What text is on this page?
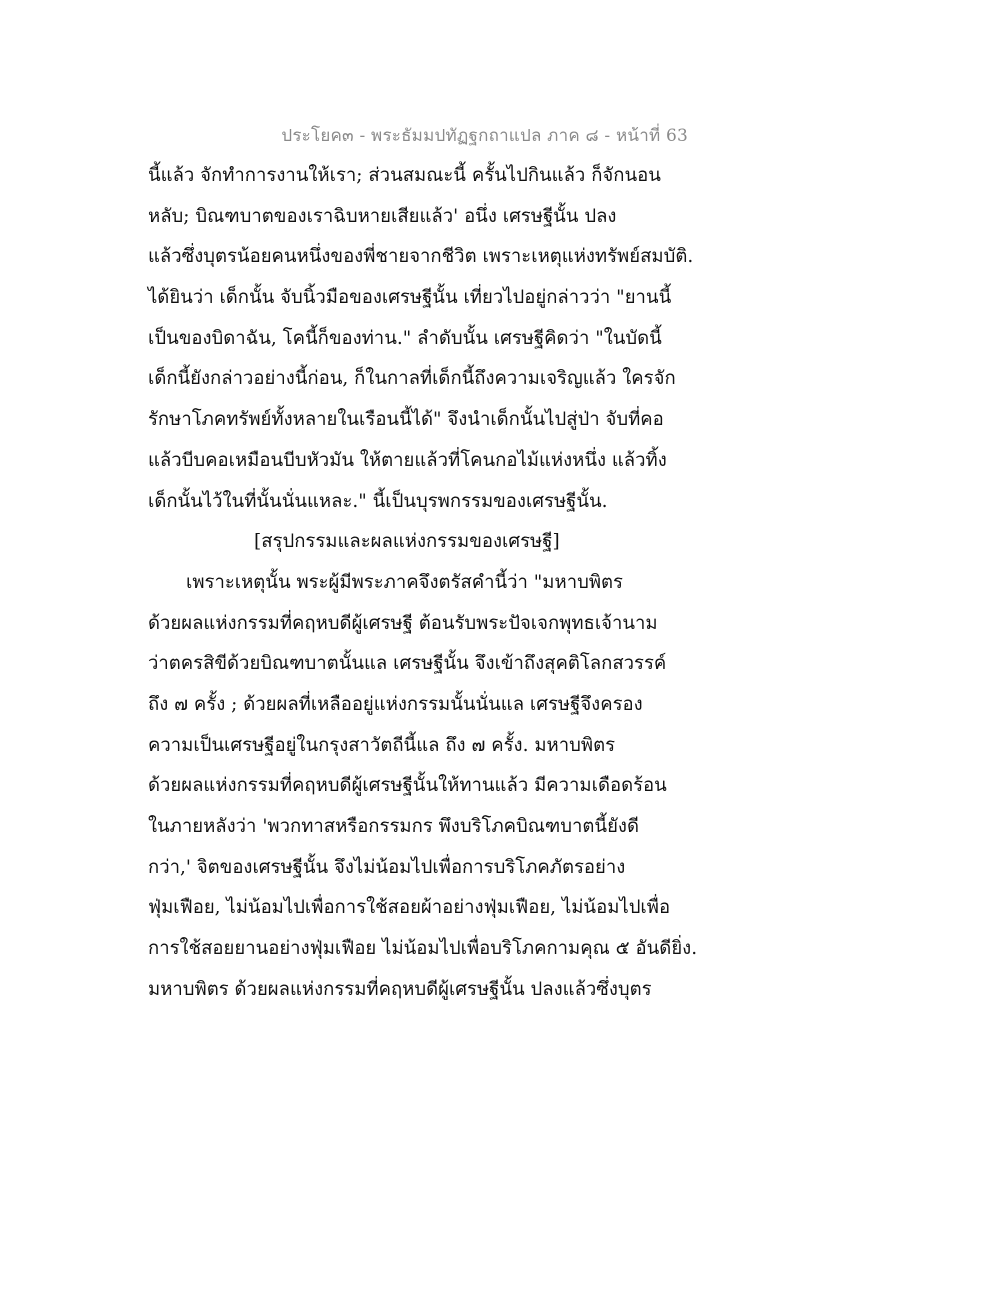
ประโยค๓ - พระธัมมปทัฏฐกถาแปล ภาค ๘ - หน้าที่ 63
นี้แล้ว จักทำการงานให้เรา; ส่วนสมณะนี้ ครั้นไปกินแล้ว ก็จักนอน
หลับ; บิณฑบาตของเราฉิบหายเสียแล้ว' อนึ่ง เศรษฐีนั้น ปลง
แล้วซึ่งบุตรน้อยคนหนึ่งของพี่ชายจากชีวิต เพราะเหตุแห่งทรัพย์สมบัติ.
ได้ยินว่า เด็กนั้น จับนิ้วมือของเศรษฐีนั้น เที่ยวไปอยู่กล่าวว่า "ยานนี้
เป็นของบิดาฉัน, โคนี้ก็ของท่าน." ลำดับนั้น เศรษฐีคิดว่า "ในบัดนี้
เด็กนี้ยังกล่าวอย่างนี้ก่อน, ก็ในกาลที่เด็กนี้ถึงความเจริญแล้ว ใครจัก
รักษาโภคทรัพย์ทั้งหลายในเรือนนี้ได้" จึงนำเด็กนั้นไปสู่ป่า จับที่คอ
แล้วบีบคอเหมือนบีบหัวมัน ให้ตายแล้วที่โคนกอไม้แห่งหนึ่ง แล้วทิ้ง
เด็กนั้นไว้ในที่นั้นนั่นแหละ." นี้เป็นบุรพกรรมของเศรษฐีนั้น.
[สรุปกรรมและผลแห่งกรรมของเศรษฐี]
เพราะเหตุนั้น พระผู้มีพระภาคจึงตรัสคำนี้ว่า "มหาบพิตร
ด้วยผลแห่งกรรมที่คฤหบดีผู้เศรษฐี ต้อนรับพระปัจเจกพุทธเจ้านาม
ว่าตครสิขีด้วยบิณฑบาตนั้นแล เศรษฐีนั้น จึงเข้าถึงสุคติโลกสวรรค์
ถึง ๗ ครั้ง ; ด้วยผลที่เหลืออยู่แห่งกรรมนั้นนั่นแล เศรษฐีจึงครอง
ความเป็นเศรษฐีอยู่ในกรุงสาวัตถีนี้แล ถึง ๗ ครั้ง. มหาบพิตร
ด้วยผลแห่งกรรมที่คฤหบดีผู้เศรษฐีนั้นให้ทานแล้ว มีความเดือดร้อน
ในภายหลังว่า 'พวกทาสหรือกรรมกร พึงบริโภคบิณฑบาตนี้ยังดี
กว่า,' จิตของเศรษฐีนั้น จึงไม่น้อมไปเพื่อการบริโภคภัตรอย่าง
ฟุ่มเฟือย, ไม่น้อมไปเพื่อการใช้สอยผ้าอย่างฟุ่มเฟือย, ไม่น้อมไปเพื่อ
การใช้สอยยานอย่างฟุ่มเฟือย ไม่น้อมไปเพื่อบริโภคกามคุณ ๕ อันดียิ่ง.
มหาบพิตร ด้วยผลแห่งกรรมที่คฤหบดีผู้เศรษฐีนั้น ปลงแล้วซึ่งบุตร
